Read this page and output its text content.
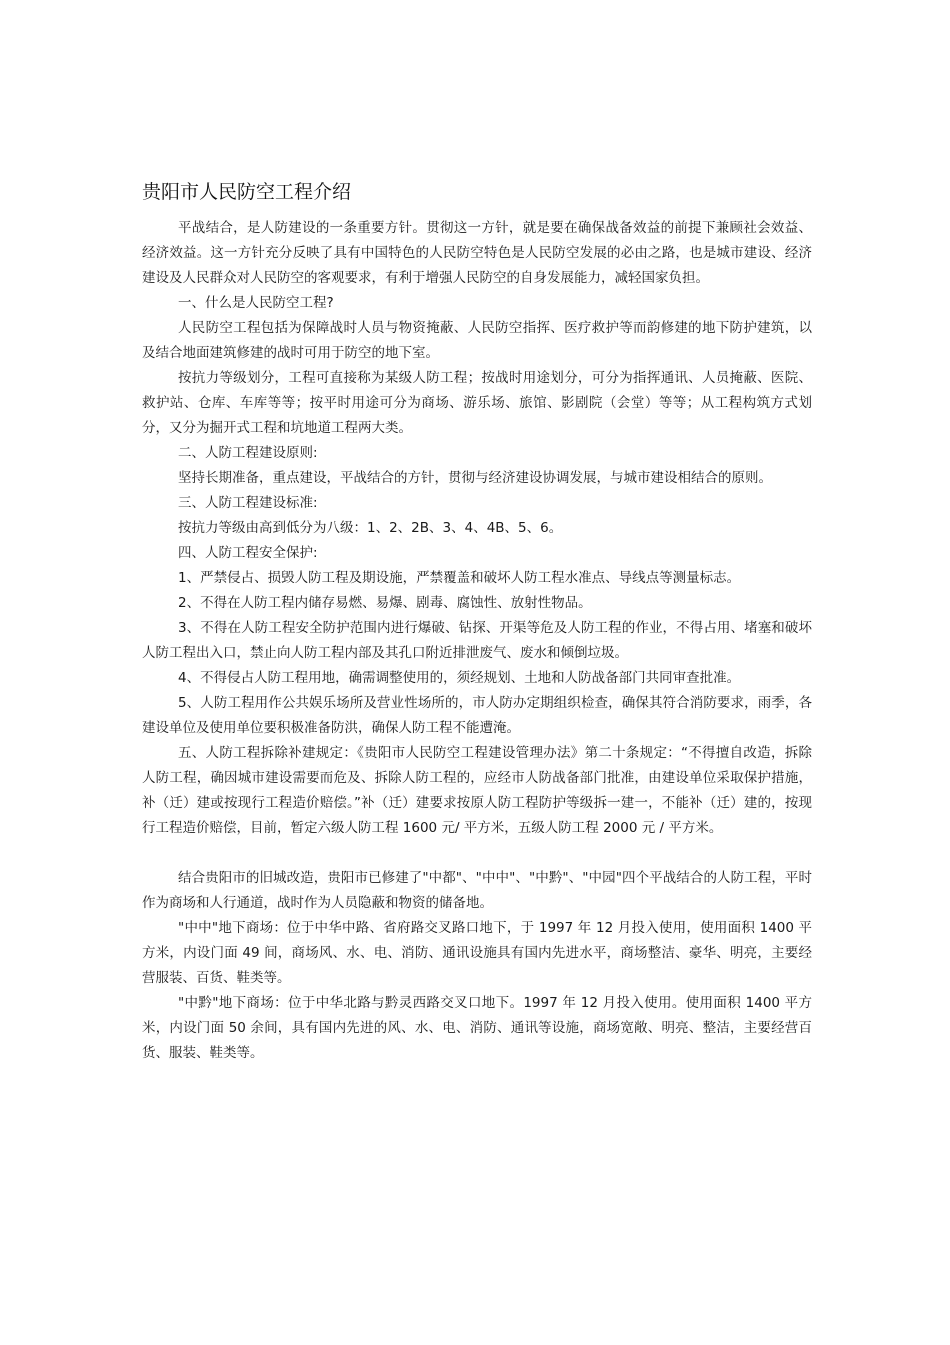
贵阳市人民防空工程介绍

平战结合，是人防建设的一条重要方针。贯彻这一方针，就是要在确保战备效益的前提下兼顾社会效益、经济效益。这一方针充分反映了具有中国特色的人民防空特色是人民防空发展的必由之路，也是城市建设、经济建设及人民群众对人民防空的客观要求，有利于增强人民防空的自身发展能力，减轻国家负担。

一、什么是人民防空工程?

人民防空工程包括为保障战时人员与物资掩蔽、人民防空指挥、医疗救护等而韵修建的地下防护建筑，以及结合地面建筑修建的战时可用于防空的地下室。

按抗力等级划分，工程可直接称为某级人防工程；按战时用途划分，可分为指挥通讯、人员掩蔽、医院、救护站、仓库、车库等等；按平时用途可分为商场、游乐场、旅馆、影剧院（会堂）等等；从工程构筑方式划分，又分为掘开式工程和坑地道工程两大类。

二、人防工程建设原则:

坚持长期准备，重点建设，平战结合的方针，贯彻与经济建设协调发展，与城市建设相结合的原则。

三、人防工程建设标准:

按抗力等级由高到低分为八级：1、2、2B、3、4、4B、5、6。

四、人防工程安全保护:

1、严禁侵占、损毁人防工程及期设施，严禁覆盖和破坏人防工程水准点、导线点等测量标志。

2、不得在人防工程内储存易燃、易爆、剧毒、腐蚀性、放射性物品。

3、不得在人防工程安全防护范围内进行爆破、钻探、开渠等危及人防工程的作业，不得占用、堵塞和破坏人防工程出入口，禁止向人防工程内部及其孔口附近排泄废气、废水和倾倒垃圾。

4、不得侵占人防工程用地，确需调整使用的，须经规划、土地和人防战备部门共同审查批准。

5、人防工程用作公共娱乐场所及营业性场所的，市人防办定期组织检查，确保其符合消防要求，雨季，各建设单位及使用单位要积极准备防洪，确保人防工程不能遭淹。

五、人防工程拆除补建规定：《贵阳市人民防空工程建设管理办法》第二十条规定：“不得擅自改造，拆除人防工程，确因城市建设需要而危及、拆除人防工程的，应经市人防战备部门批准，由建设单位采取保护措施，补（迁）建或按现行工程造价赔偿。”补（迁）建要求按原人防工程防护等级拆一建一，不能补（迁）建的，按现行工程造价赔偿，目前，暂定六级人防工程 1600 元/ 平方米，五级人防工程 2000 元 / 平方米。

结合贵阳市的旧城改造，贵阳市已修建了"中都"、"中中"、"中黔"、"中园"四个平战结合的人防工程，平时作为商场和人行通道，战时作为人员隐蔽和物资的储备地。

"中中"地下商场：位于中华中路、省府路交叉路口地下，于 1997 年 12 月投入使用，使用面积 1400 平方米，内设门面 49 间，商场风、水、电、消防、通讯设施具有国内先进水平，商场整洁、豪华、明亮，主要经营服装、百货、鞋类等。

"中黔"地下商场：位于中华北路与黔灵西路交叉口地下。1997 年 12 月投入使用。使用面积 1400 平方米，内设门面 50 余间，具有国内先进的风、水、电、消防、通讯等设施，商场宽敞、明亮、整洁，主要经营百货、服装、鞋类等。
